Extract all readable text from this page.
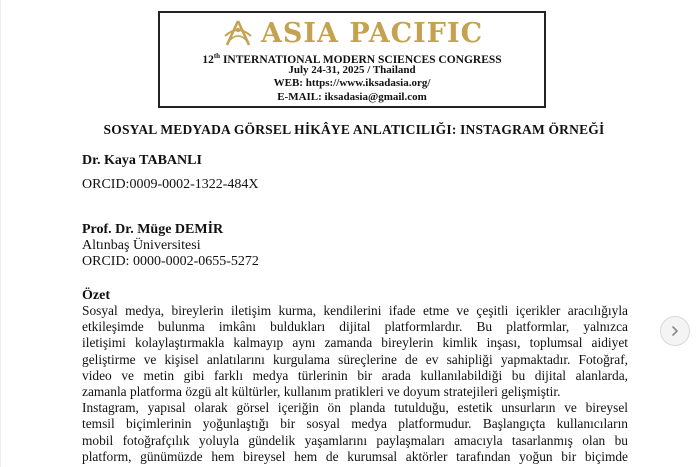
ASIA PACIFIC
12th INTERNATIONAL MODERN SCIENCES CONGRESS
July 24-31, 2025 / Thailand
WEB: https://www.iksadasia.org/
E-MAIL: iksadasia@gmail.com
SOSYAL MEDYADA GÖRSEL HİKÂYE ANLATICILIĞI: INSTAGRAM ÖRNEĞİ
Dr. Kaya TABANLI
ORCID:0009-0002-1322-484X
Prof. Dr. Müge DEMİR
Altınbaş Üniversitesi
ORCID: 0000-0002-0655-5272
Özet

Sosyal medya, bireylerin iletişim kurma, kendilerini ifade etme ve çeşitli içerikler aracılığıyla

etkileşimde bulunma imkânı buldukları dijital platformlardır. Bu platformlar, yalnızca

iletişimi kolaylaştırmakla kalmayıp aynı zamanda bireylerin kimlik inşası, toplumsal aidiyet

geliştirme ve kişisel anlatılarını kurgulama süreçlerine de ev sahipliği yapmaktadır. Fotoğraf,

video ve metin gibi farklı medya türlerinin bir arada kullanılabildiği bu dijital alanlarda,

zamanla platforma özgü alt kültürler, kullanım pratikleri ve doyum stratejileri gelişmiştir.

Instagram, yapısal olarak görsel içeriğin ön planda tutulduğu, estetik unsurların ve bireysel

temsil biçimlerinin yoğunlaştığı bir sosyal medya platformudur. Başlangıçta kullanıcıların

mobil fotoğrafçılık yoluyla gündelik yaşamlarını paylaşmaları amacıyla tasarlanmış olan bu

platform, günümüzde hem bireysel hem de kurumsal aktörler tarafından yoğun bir biçimde
